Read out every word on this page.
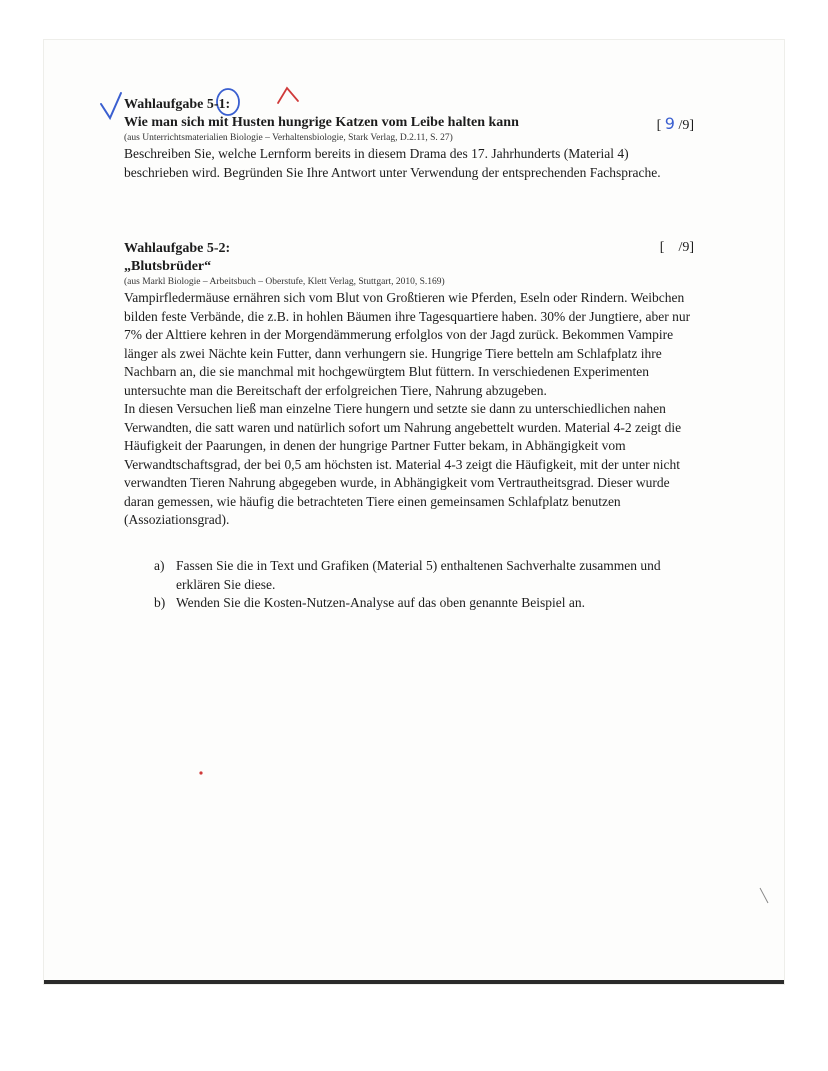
Wahlaufgabe 5-1:
Wie man sich mit Husten hungrige Katzen vom Leibe halten kann	[ 9 /9]
(aus Unterrichtsmaterialien Biologie – Verhaltensbiologie, Stark Verlag, D.2.11, S. 27)

Beschreiben Sie, welche Lernform bereits in diesem Drama des 17. Jahrhunderts (Material 4) beschrieben wird. Begründen Sie Ihre Antwort unter Verwendung der entsprechenden Fachsprache.

Wahlaufgabe 5-2:	[    /9]
„Blutsbrüder“
(aus Markl Biologie – Arbeitsbuch – Oberstufe, Klett Verlag, Stuttgart, 2010, S.169)

Vampirfledermäuse ernähren sich vom Blut von Großtieren wie Pferden, Eseln oder Rindern. Weibchen bilden feste Verbände, die z.B. in hohlen Bäumen ihre Tagesquartiere haben. 30% der Jungtiere, aber nur 7% der Alttiere kehren in der Morgendämmerung erfolglos von der Jagd zurück. Bekommen Vampire länger als zwei Nächte kein Futter, dann verhungern sie. Hungrige Tiere betteln am Schlafplatz ihre Nachbarn an, die sie manchmal mit hochgewürgtem Blut füttern. In verschiedenen Experimenten untersuchte man die Bereitschaft der erfolgreichen Tiere, Nahrung abzugeben.

In diesen Versuchen ließ man einzelne Tiere hungern und setzte sie dann zu unterschiedlichen nahen Verwandten, die satt waren und natürlich sofort um Nahrung angebettelt wurden. Material 4-2 zeigt die Häufigkeit der Paarungen, in denen der hungrige Partner Futter bekam, in Abhängigkeit vom Verwandtschaftsgrad, der bei 0,5 am höchsten ist. Material 4-3 zeigt die Häufigkeit, mit der unter nicht verwandten Tieren Nahrung abgegeben wurde, in Abhängigkeit vom Vertrautheitsgrad. Dieser wurde daran gemessen, wie häufig die betrachteten Tiere einen gemeinsamen Schlafplatz benutzen (Assoziationsgrad).

a) Fassen Sie die in Text und Grafiken (Material 5) enthaltenen Sachverhalte zusammen und erklären Sie diese.
b) Wenden Sie die Kosten-Nutzen-Analyse auf das oben genannte Beispiel an.
